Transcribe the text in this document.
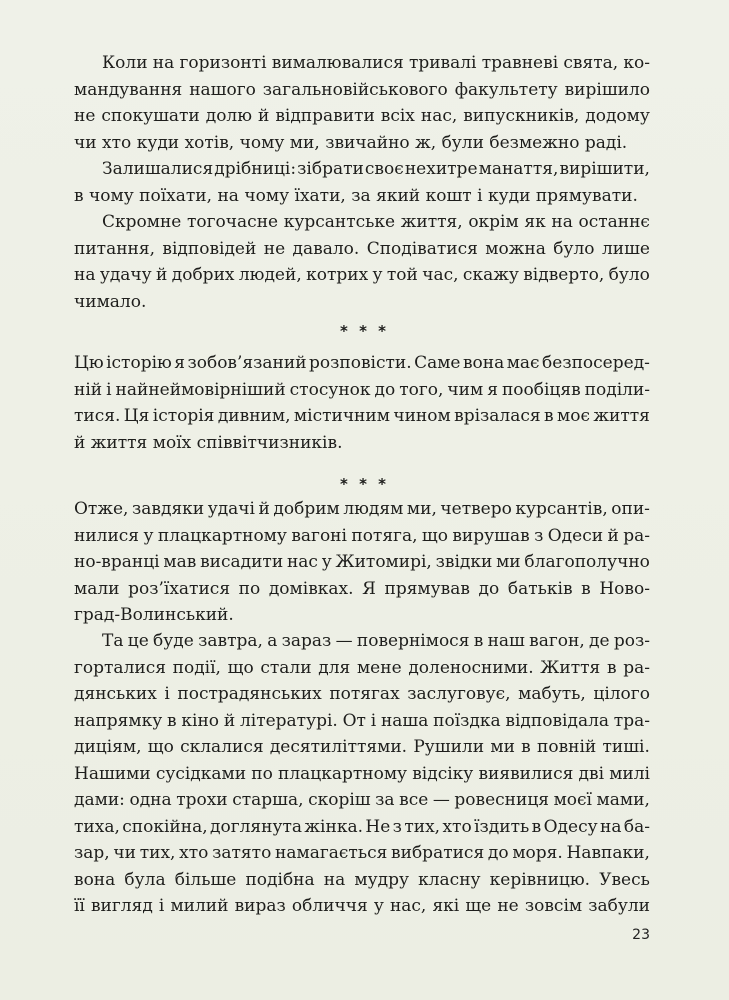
Коли на горизонті вималювалися тривалі травневі свята, ко-
мандування нашого загальновійськового факультету вирішило
не спокушати долю й відправити всіх нас, випускників, додому
чи хто куди хотів, чому ми, звичайно ж, були безмежно раді.
Залишалися дрібниці: зібрати своє нехитре манаття, вирішити,
в чому поїхати, на чому їхати, за який кошт і куди прямувати.
Скромне тогочасне курсантське життя, окрім як на останнє
питання, відповідей не давало. Сподіватися можна було лише
на удачу й добрих людей, котрих у той час, скажу відверто, було
чимало.
* * *
Цю історію я зобов’язаний розповісти. Саме вона має безпосеред-
ній і найнеймовірніший стосунок до того, чим я пообіцяв поділи-
тися. Ця історія дивним, містичним чином врізалася в моє життя
й життя моїх співвітчизників.
* * *
Отже, завдяки удачі й добрим людям ми, четверо курсантів, опи-
нилися у плацкартному вагоні потяга, що вирушав з Одеси й ра-
но-вранці мав висадити нас у Житомирі, звідки ми благополучно
мали роз’їхатися по домівках. Я прямував до батьків в Ново-
град-Волинський.
Та це буде завтра, а зараз — повернімося в наш вагон, де роз-
горталися події, що стали для мене доленосними. Життя в ра-
дянських і пострадянських потягах заслуговує, мабуть, цілого
напрямку в кіно й літературі. От і наша поїздка відповідала тра-
диціям, що склалися десятиліттями. Рушили ми в повній тиші.
Нашими сусідками по плацкартному відсіку виявилися дві милі
дами: одна трохи старша, скоріш за все — ровесниця моєї мами,
тиха, спокійна, доглянута жінка. Не з тих, хто їздить в Одесу на ба-
зар, чи тих, хто затято намагається вибратися до моря. Навпаки,
вона була більше подібна на мудру класну керівницю. Увесь
її вигляд і милий вираз обличчя у нас, які ще не зовсім забули
23
